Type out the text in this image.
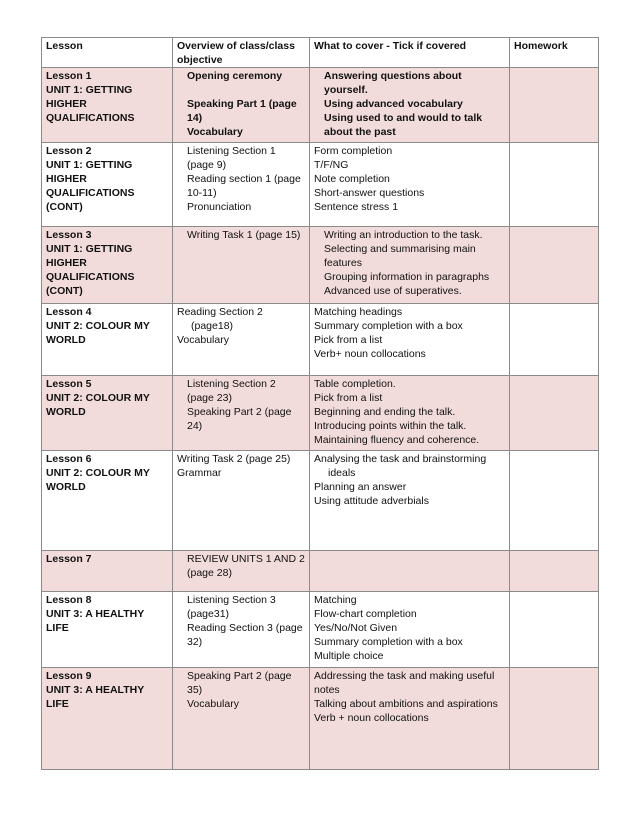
Lesson	Overview of class/class objective	What to cover - Tick if covered	Homework

Lesson 1
UNIT 1: GETTING
HIGHER
QUALIFICATIONS	Opening ceremony
Speaking Part 1 (page
14)
Vocabulary	Answering questions about yourself.
Using advanced vocabulary
Using used to and would to talk
about the past	

Lesson 2
UNIT 1: GETTING
HIGHER
QUALIFICATIONS (CONT)	Listening Section 1
(page 9)
Reading section 1 (page
10-11)
Pronunciation	Form completion
T/F/NG
Note completion
Short-answer questions
Sentence stress 1	

Lesson 3
UNIT 1: GETTING
HIGHER
QUALIFICATIONS (CONT)	Writing Task 1 (page 15)	Writing an introduction to the task.
Selecting and summarising main
features
Grouping information in paragraphs
Advanced use of superatives.	

Lesson 4
UNIT 2: COLOUR MY
WORLD	Reading Section 2
(page18)
Vocabulary	Matching headings
Summary completion with a box
Pick from a list
Verb+ noun collocations	

Lesson 5
UNIT 2: COLOUR MY
WORLD	Listening Section 2
(page 23)
Speaking Part 2 (page
24)	Table completion.
Pick from a list
Beginning and ending the talk.
Introducing points within the talk.
Maintaining fluency and coherence.	

Lesson 6
UNIT 2: COLOUR MY
WORLD	Writing Task 2 (page 25)
Grammar	Analysing the task and brainstorming
ideals
Planning an answer
Using attitude adverbials	

Lesson 7	REVIEW UNITS 1 AND 2
(page 28)		

Lesson 8
UNIT 3: A HEALTHY LIFE	Listening Section 3
(page31)
Reading Section 3 (page
32)	Matching
Flow-chart completion
Yes/No/Not Given
Summary completion with a box
Multiple choice	

Lesson 9
UNIT 3: A HEALTHY LIFE	Speaking Part 2 (page
35)
Vocabulary	Addressing the task and making useful
notes
Talking about ambitions and aspirations
Verb + noun collocations	
